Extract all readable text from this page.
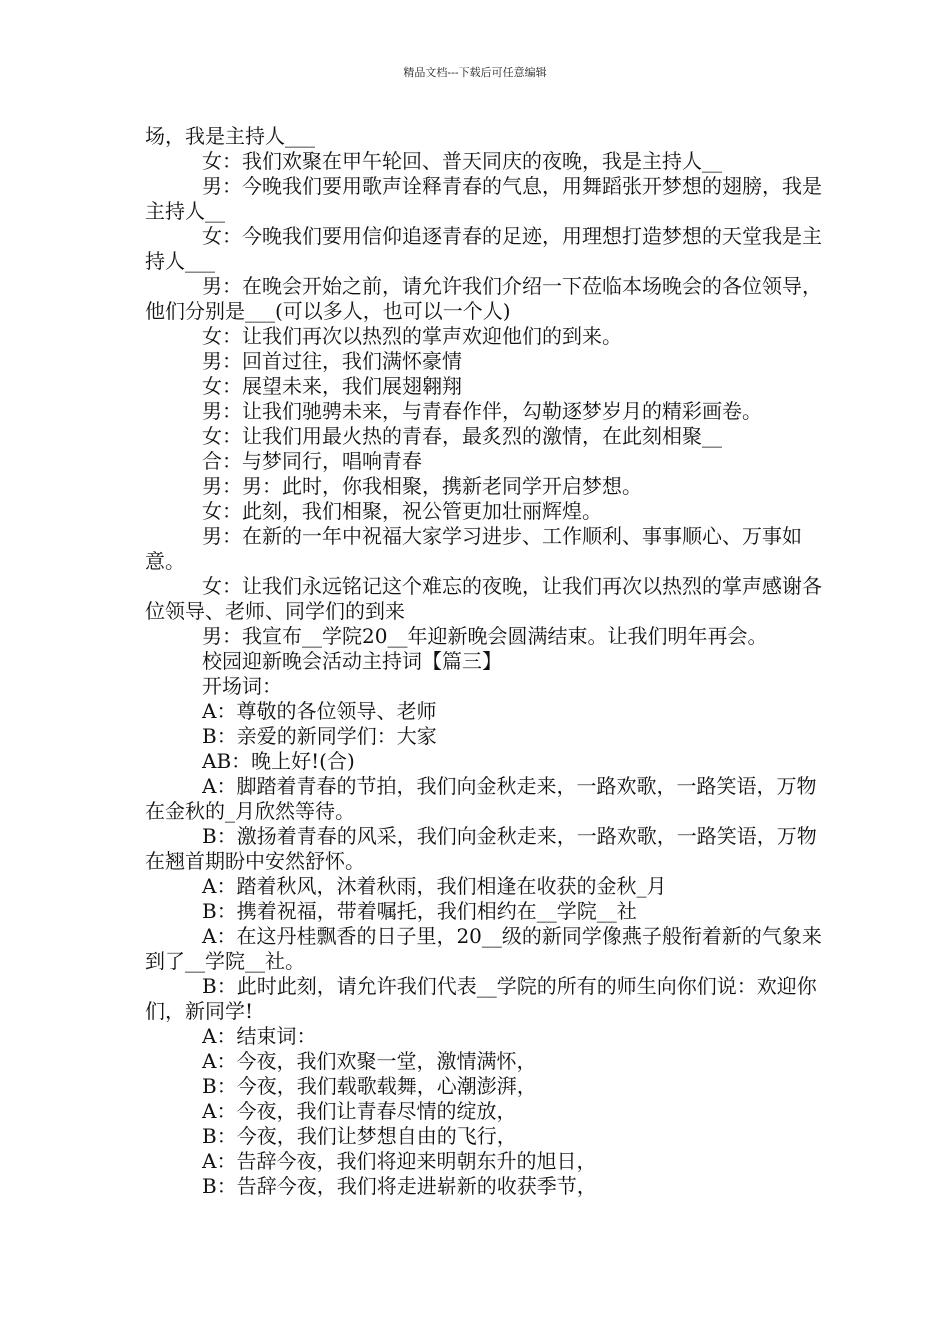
精品文档---下载后可任意编辑

场，我是主持人___

女：我们欢聚在甲午轮回、普天同庆的夜晚，我是主持人__

男：今晚我们要用歌声诠释青春的气息，用舞蹈张开梦想的翅膀，我是主持人__

女：今晚我们要用信仰追逐青春的足迹，用理想打造梦想的天堂我是主持人___

男：在晚会开始之前，请允许我们介绍一下莅临本场晚会的各位领导，他们分别是___(可以多人，也可以一个人)

女：让我们再次以热烈的掌声欢迎他们的到来。

男：回首过往，我们满怀豪情

女：展望未来，我们展翅翱翔

男：让我们驰骋未来，与青春作伴，勾勒逐梦岁月的精彩画卷。

女：让我们用最火热的青春，最炙烈的激情，在此刻相聚__

合：与梦同行，唱响青春

男：男：此时，你我相聚，携新老同学开启梦想。

女：此刻，我们相聚，祝公管更加壮丽辉煌。

男：在新的一年中祝福大家学习进步、工作顺利、事事顺心、万事如意。

女：让我们永远铭记这个难忘的夜晚，让我们再次以热烈的掌声感谢各位领导、老师、同学们的到来

男：我宣布__学院20__年迎新晚会圆满结束。让我们明年再会。

校园迎新晚会活动主持词【篇三】

开场词：

A：尊敬的各位领导、老师

B：亲爱的新同学们：大家

AB：晚上好!(合)

A：脚踏着青春的节拍，我们向金秋走来，一路欢歌，一路笑语，万物在金秋的_月欣然等待。

B：激扬着青春的风采，我们向金秋走来，一路欢歌，一路笑语，万物在翘首期盼中安然舒怀。

A：踏着秋风，沐着秋雨，我们相逢在收获的金秋_月

B：携着祝福，带着嘱托，我们相约在__学院__社

A：在这丹桂飘香的日子里，20__级的新同学像燕子般衔着新的气象来到了__学院__社。

B：此时此刻，请允许我们代表__学院的所有的师生向你们说：欢迎你们，新同学!

A：结束词：

A：今夜，我们欢聚一堂，激情满怀，

B：今夜，我们载歌载舞，心潮澎湃，

A：今夜，我们让青春尽情的绽放，

B：今夜，我们让梦想自由的飞行，

A：告辞今夜，我们将迎来明朝东升的旭日，

B：告辞今夜，我们将走进崭新的收获季节，
